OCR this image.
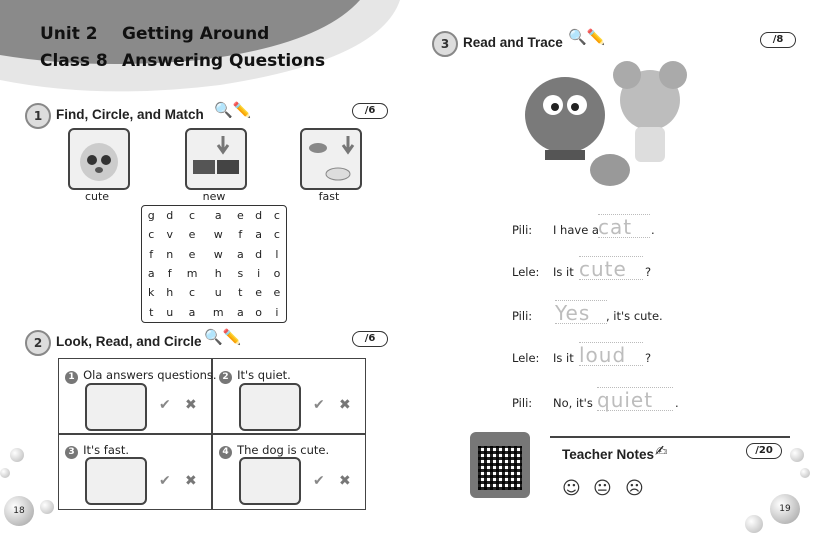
Unit 2
Class 8
Getting Around
Answering Questions
1	Find, Circle, and Match 🔍✏️	/6
cute	new	fast
g	d	c	a	e	d	c
c	v	e	w	f	a	c
f	n	e	w	a	d	l
a	f	m	h	s	i	o
k	h	c	u	t	e	e
t	u	a	m	a	o	i
2	Look, Read, and Circle 🔍✏️	/6
1 Ola answers questions.
✔ ✖
2 It's quiet.
✔ ✖
3 It's fast.
✔ ✖
4 The dog is cute.
✔ ✖
18
3	Read and Trace 🔍✏️	/8
Pili: I have a cat	.
Lele: Is it cute	?
Pili: Yes	, it's cute.
Lele: Is it loud	?
Pili: No, it's quiet	.
Teacher Notes ✍	/20
☺ 😐 ☹
19
